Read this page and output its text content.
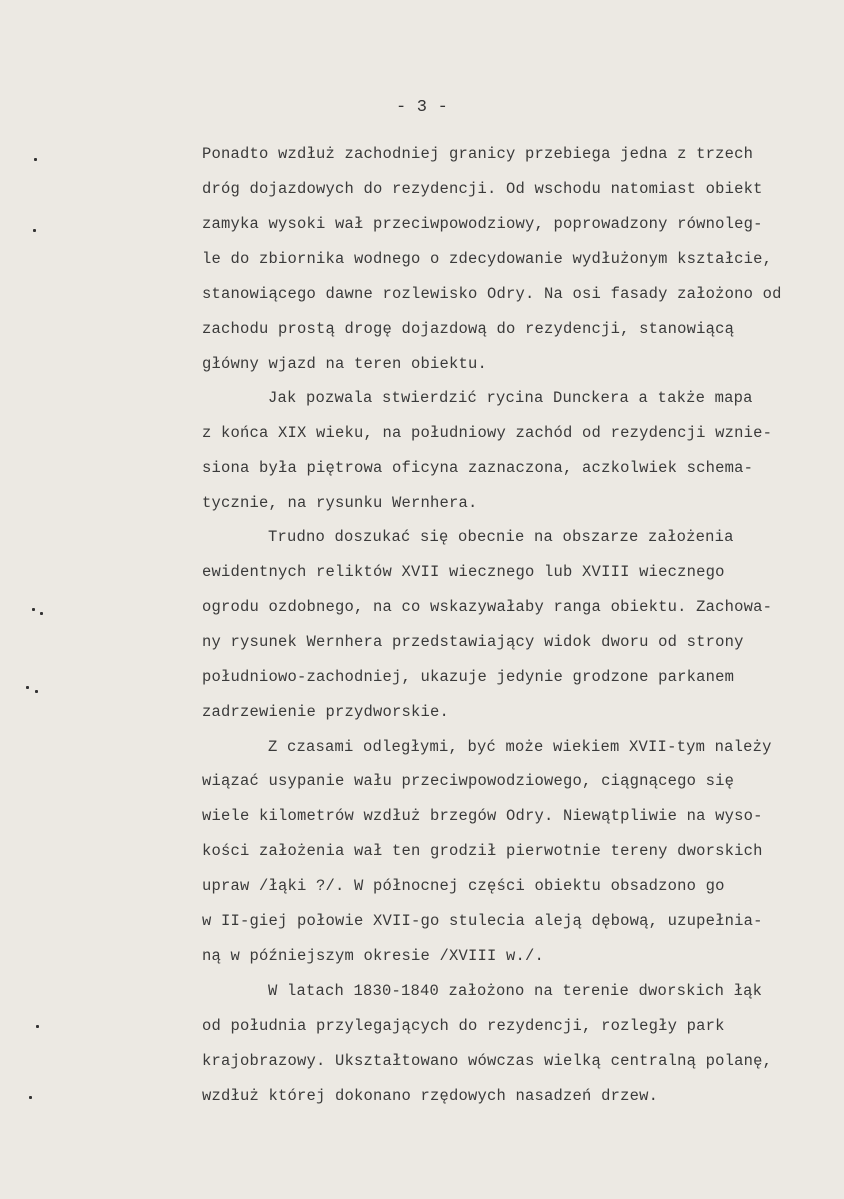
- 3 -
Ponadto wzdłuż zachodniej granicy przebiega jedna z trzech
dróg dojazdowych do rezydencji. Od wschodu natomiast obiekt
zamyka wysoki wał przeciwpowodziowy, poprowadzony równoleg-
le do zbiornika wodnego o zdecydowanie wydłużonym kształcie,
stanowiącego dawne rozlewisko Odry. Na osi fasady założono od
zachodu prostą drogę dojazdową do rezydencji, stanowiącą
główny wjazd na teren obiektu.
Jak pozwala stwierdzić rycina Dunckera a także mapa
z końca XIX wieku, na południowy zachód od rezydencji wznie-
siona była piętrowa oficyna zaznaczona, aczkolwiek schema-
tycznie, na rysunku Wernhera.
Trudno doszukać się obecnie na obszarze założenia
ewidentnych reliktów XVII wiecznego lub XVIII wiecznego
ogrodu ozdobnego, na co wskazywałaby ranga obiektu. Zachowa-
ny rysunek Wernhera przedstawiający widok dworu od strony
południowo-zachodniej, ukazuje jedynie grodzone parkanem
zadrzewienie przydworskie.
Z czasami odległymi, być może wiekiem XVII-tym należy
wiązać usypanie wału przeciwpowodziowego, ciągnącego się
wiele kilometrów wzdłuż brzegów Odry. Niewątpliwie na wyso-
kości założenia wał ten grodził pierwotnie tereny dworskich
upraw /łąki ?/. W północnej części obiektu obsadzono go
w II-giej połowie XVII-go stulecia aleją dębową, uzupełnia-
ną w późniejszym okresie /XVIII w./.
W latach 1830-1840 założono na terenie dworskich łąk
od południa przylegających do rezydencji, rozległy park
krajobrazowy. Ukształtowano wówczas wielką centralną polanę,
wzdłuż której dokonano rzędowych nasadzeń drzew.
